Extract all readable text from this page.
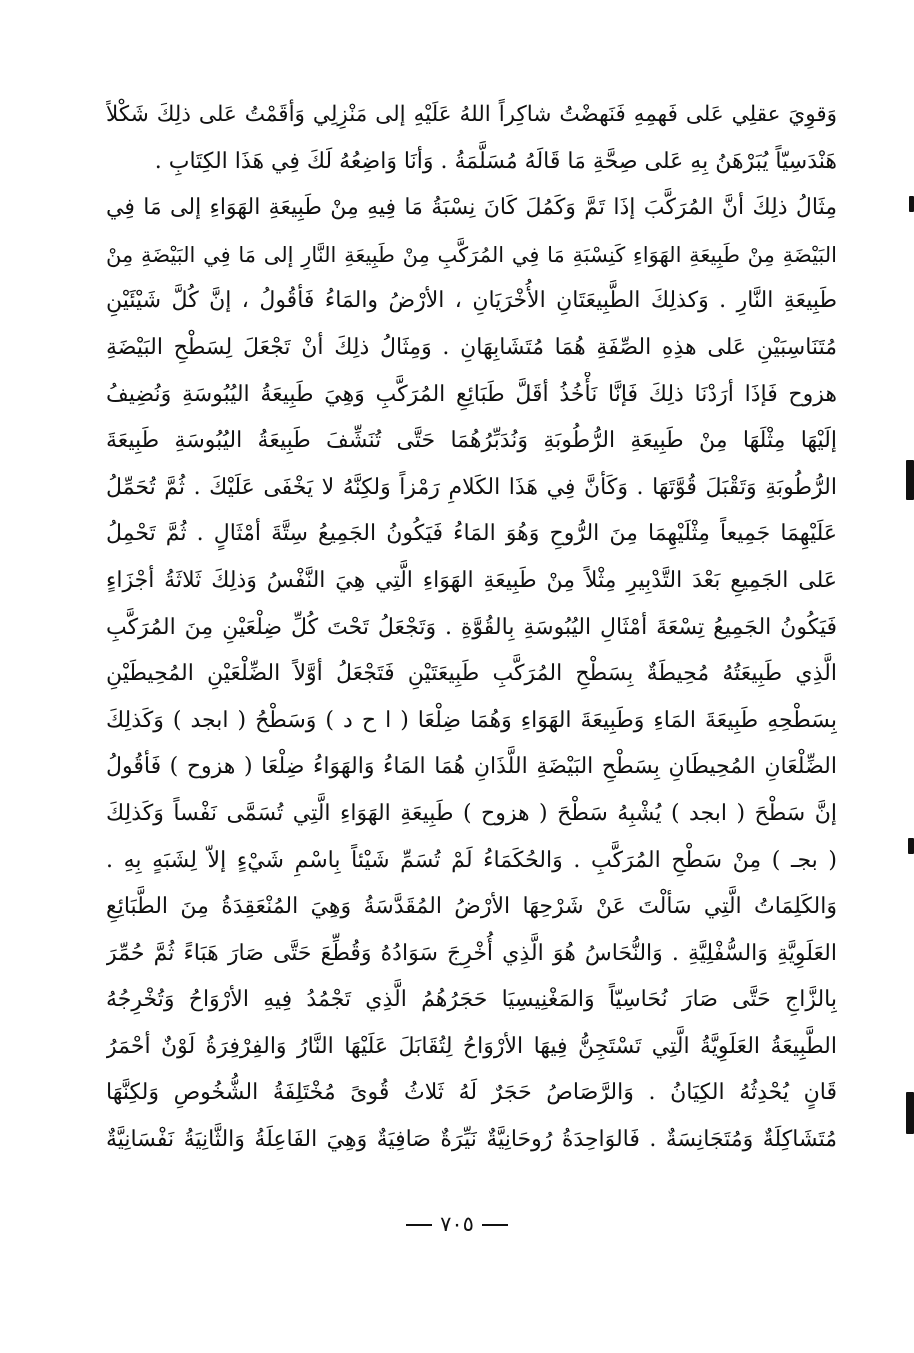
وَقوِيَ عقلِي عَلى فَهمِهِ فَنَهضْتُ شاكِراً اللهُ عَلَيْهِ إلى مَنْزِلِي وَأقَمْتُ عَلى ذلِكَ شَكْلاً
هَنْدَسِيّاً يُبَرْهَنُ بِهِ عَلى صِحَّةِ مَا قَالَهُ مُسَلَّمَةُ . وَأنَا وَاضِعُهُ لَكَ فِي هَذَا الكِتَابِ .
مِثَالُ ذلِكَ أنَّ المُرَكَّبَ إذَا تَمَّ وَكَمُلَ كَانَ نِسْبَةُ مَا فِيهِ مِنْ طَبِيعَةِ الهَوَاءِ إلى مَا فِي
البَيْضَةِ مِنْ طَبِيعَةِ الهَوَاءِ كَنِسْبَةِ مَا فِي المُرَكَّبِ مِنْ طَبِيعَةِ النَّارِ إلى مَا فِي البَيْضَةِ مِنْ
طَبِيعَةِ النَّارِ . وَكذلِكَ الطَّبِيعَتَانِ الأُخْرَيَانِ ، الأرْضُ والمَاءُ فَأقُولُ ، إنَّ كُلَّ شَيْئَيْنِ
مُتَنَاسِبَيْنِ عَلى هذِهِ الصِّفَةِ هُمَا مُتَشَابِهَانِ . وَمِثَالُ ذلِكَ أنْ تَجْعَلَ لِسَطْحِ البَيْضَةِ
هزوح فَإذَا أرَدْنَا ذلِكَ فَإنَّا نَأْخُذُ أقَلَّ طَبَائِعِ المُرَكَّبِ وَهِيَ طَبِيعَةُ اليُبُوسَةِ وَنُضِيفُ
إلَيْهَا مِثْلَهَا مِنْ طَبِيعَةِ الرُّطُوبَةِ وَنُدَبِّرُهُمَا حَتَّى تُنَشِّفَ طَبِيعَةُ اليُبُوسَةِ طَبِيعَةَ
الرُّطُوبَةِ وَتَقْبَلَ قُوَّتَهَا . وَكَأنَّ فِي هَذَا الكَلامِ رَمْزاً وَلكِنَّهُ لا يَخْفَى عَلَيْكَ . ثُمَّ تُحَمِّلُ
عَلَيْهِمَا جَمِيعاً مِثْلَيْهِمَا مِنَ الرُّوحِ وَهُوَ المَاءُ فَيَكُونُ الجَمِيعُ سِتَّةَ أمْثَالٍ . ثُمَّ تَحْمِلُ
عَلى الجَمِيعِ بَعْدَ التَّدْبِيرِ مِثْلاً مِنْ طَبِيعَةِ الهَوَاءِ الَّتِي هِيَ النَّفْسُ وَذلِكَ ثَلاثَةُ أجْزَاءٍ
فَيَكُونُ الجَمِيعُ تِسْعَةَ أمْثَالِ اليُبُوسَةِ بِالقُوَّةِ . وَتَجْعَلُ تَحْتَ كُلِّ ضِلْعَيْنِ مِنَ المُرَكَّبِ
الَّذِي طَبِيعَتُهُ مُحِيطَةٌ بِسَطْحِ المُرَكَّبِ طَبِيعَتَيْنِ فَتَجْعَلُ أوَّلاً الضِّلْعَيْنِ المُحِيطَيْنِ
بِسَطْحِهِ طَبِيعَةَ المَاءِ وَطَبِيعَةَ الهَوَاءِ وَهُمَا ضِلْعَا ( ا ح د ) وَسَطْحُ ( ابجد ) وَكَذلِكَ
الضِّلْعَانِ المُحِيطَانِ بِسَطْحِ البَيْضَةِ اللَّذَانِ هُمَا المَاءُ وَالهَوَاءُ ضِلْعَا ( هزوح ) فَأقُولُ
إنَّ سَطْحَ ( ابجد ) يُشْبِهُ سَطْحَ ( هزوح ) طَبِيعَةِ الهَوَاءِ الَّتِي تُسَمَّى نَفْساً وَكَذلِكَ
( بجـ ) مِنْ سَطْحِ المُرَكَّبِ . وَالحُكَمَاءُ لَمْ تُسَمِّ شَيْئاً بِاسْمِ شَيْءٍ إلاّ لِشَبَهٍ بِهِ .
وَالكَلِمَاتُ الَّتِي سَألْتَ عَنْ شَرْحِهَا الأرْضُ المُقَدَّسَةُ وَهِيَ المُنْعَقِدَةُ مِنَ الطَّبَائِعِ
العَلَوِيَّةِ وَالسُّفْلِيَّةِ . وَالنُّحَاسُ هُوَ الَّذِي أُخْرِجَ سَوَادُهُ وَقُطِّعَ حَتَّى صَارَ هَبَاءً ثُمَّ حُمِّرَ
بِالزَّاجِ حَتَّى صَارَ نُحَاسِيّاً وَالمَغْنِيسِيَا حَجَرُهُمُ الَّذِي تَجْمُدُ فِيهِ الأرْوَاحُ وَتُخْرِجُهُ
الطَّبِيعَةُ العَلَوِيَّةُ الَّتِي تَسْتَجِنُّ فِيهَا الأرْوَاحُ لِتُقَابَلَ عَلَيْهَا النَّارُ وَالفِرْفِرَةُ لَوْنٌ أحْمَرُ
قَانٍ يُحْدِثُهُ الكِيَانُ . وَالرَّصَاصُ حَجَرٌ لَهُ ثَلاثُ قُوىً مُخْتَلِفَةُ الشُّخُوصِ وَلكِنَّهَا
مُتَشَاكِلَةٌ وَمُتَجَانِسَةٌ . فَالوَاحِدَةُ رُوحَانِيَّةٌ نَيِّرَةٌ صَافِيَةٌ وَهِيَ الفَاعِلَةُ وَالثَّانِيَةُ نَفْسَانِيَّةٌ
٧٠٥
